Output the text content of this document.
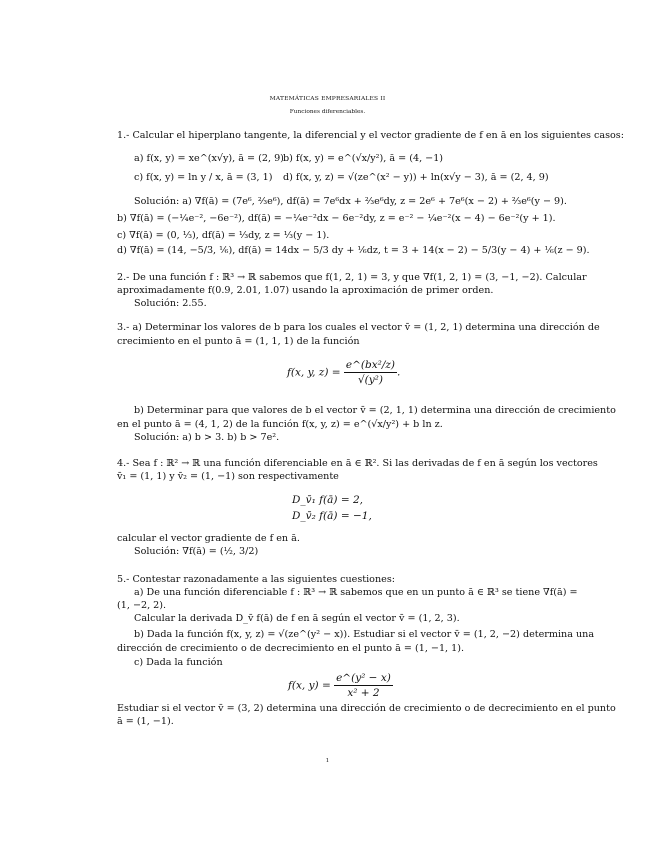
MATEMÁTICAS EMPRESARIALES II
Funciones diferenciables.
1.- Calcular el hiperplano tangente, la diferencial y el vector gradiente de f en ā en los siguientes casos:
a) f(x, y) = xe^(x√y), ā = (2, 9) b) f(x, y) = e^(√x/y²), ā = (4, −1)
c) f(x, y) = ln y / x, ā = (3, 1) d) f(x, y, z) = √(ze^(x² − y)) + ln(x√y − 3), ā = (2, 4, 9)
Solución: a) ∇f(ā) = (7e⁶, ⅔e⁶), df(ā) = 7e⁶dx + ⅔e⁶dy, z = 2e⁶ + 7e⁶(x − 2) + ⅔e⁶(y − 9).
b) ∇f(ā) = (−¼e⁻², −6e⁻²), df(ā) = −¼e⁻²dx − 6e⁻²dy, z = e⁻² − ¼e⁻²(x − 4) − 6e⁻²(y + 1).
c) ∇f(ā) = (0, ⅓), df(ā) = ⅓dy, z = ⅓(y − 1).
d) ∇f(ā) = (14, −5/3, ⅙), df(ā) = 14dx − 5/3 dy + ⅙dz, t = 3 + 14(x − 2) − 5/3(y − 4) + ⅙(z − 9).
2.- De una función f : ℝ³ → ℝ sabemos que f(1, 2, 1) = 3, y que ∇f(1, 2, 1) = (3, −1, −2). Calcular
aproximadamente f(0.9, 2.01, 1.07) usando la aproximación de primer orden.
Solución: 2.55.
3.- a) Determinar los valores de b para los cuales el vector v̄ = (1, 2, 1) determina una dirección de
crecimiento en el punto ā = (1, 1, 1) de la función
f(x, y, $z) = \frac{\text{e\textasciicircum{}(bx²/z)}}{\text{√(y²)}}$ .
b) Determinar para que valores de b el vector v̄ = (2, 1, 1) determina una dirección de crecimiento
en el punto ā = (4, 1, 2) de la función f(x, y, z) = e^(√x/y²) + b ln z.
Solución: a) b > 3. b) b > 7e².
4.- Sea f : ℝ² → ℝ una función diferenciable en ā ∈ ℝ². Si las derivadas de f en ā según los vectores
v̄₁ = (1, 1) y v̄₂ = (1, −1) son respectivamente
D_v̄₁ f(ā) = 2,
D_v̄₂ f(ā) = −1,
calcular el vector gradiente de f en ā.
Solución: ∇f(ā) = (½, 3/2)
5.- Contestar razonadamente a las siguientes cuestiones:
a) De una función diferenciable f : ℝ³ → ℝ sabemos que en un punto ā ∈ ℝ³ se tiene ∇f(ā) =
(1, −2, 2).
Calcular la derivada D_v̄ f(ā) de f en ā según el vector v̄ = (1, 2, 3).
b) Dada la función f(x, y, z) = √(ze^(y² − x)). Estudiar si el vector v̄ = (1, 2, −2) determina una
dirección de crecimiento o de decrecimiento en el punto ā = (1, −1, 1).
c) Dada la función
f(x, $y) = \frac{\text{e\textasciicircum{}(y² − x)}}{\text{x² + 2}}$
Estudiar si el vector v̄ = (3, 2) determina una dirección de crecimiento o de decrecimiento en el punto
ā = (1, −1).
1
